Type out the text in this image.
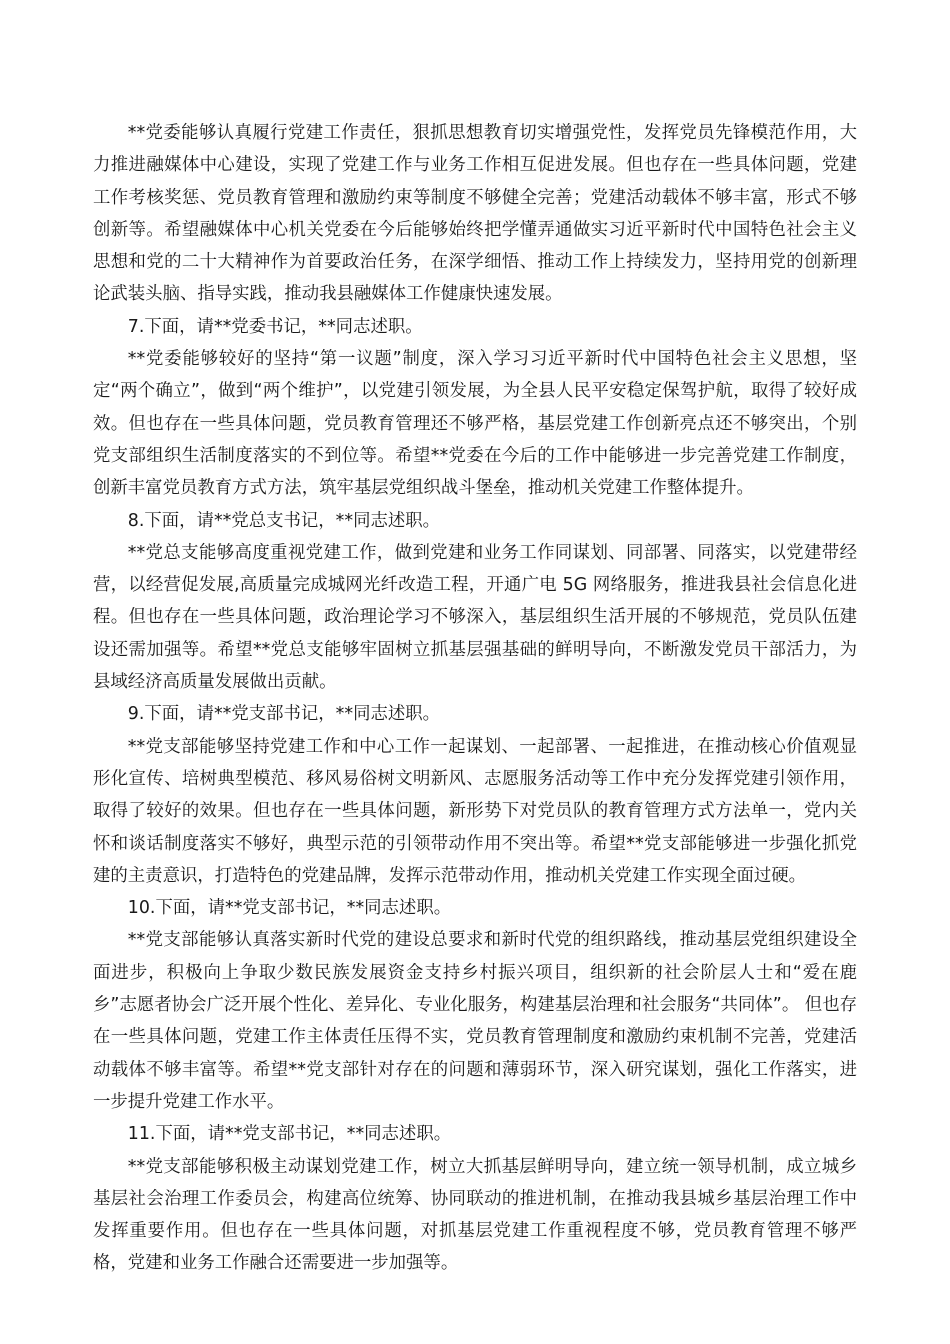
**党委能够认真履行党建工作责任，狠抓思想教育切实增强党性，发挥党员先锋模范作用，大力推进融媒体中心建设，实现了党建工作与业务工作相互促进发展。但也存在一些具体问题，党建工作考核奖惩、党员教育管理和激励约束等制度不够健全完善；党建活动载体不够丰富，形式不够创新等。希望融媒体中心机关党委在今后能够始终把学懂弄通做实习近平新时代中国特色社会主义思想和党的二十大精神作为首要政治任务，在深学细悟、推动工作上持续发力，坚持用党的创新理论武装头脑、指导实践，推动我县融媒体工作健康快速发展。

7.下面，请**党委书记，**同志述职。

**党委能够较好的坚持“第一议题”制度，深入学习习近平新时代中国特色社会主义思想，坚定“两个确立”，做到“两个维护”，以党建引领发展，为全县人民平安稳定保驾护航，取得了较好成效。但也存在一些具体问题，党员教育管理还不够严格，基层党建工作创新亮点还不够突出，个别党支部组织生活制度落实的不到位等。希望**党委在今后的工作中能够进一步完善党建工作制度，创新丰富党员教育方式方法，筑牢基层党组织战斗堡垒，推动机关党建工作整体提升。

8.下面，请**党总支书记，**同志述职。

**党总支能够高度重视党建工作，做到党建和业务工作同谋划、同部署、同落实，以党建带经营，以经营促发展,高质量完成城网光纤改造工程，开通广电 5G 网络服务，推进我县社会信息化进程。但也存在一些具体问题，政治理论学习不够深入，基层组织生活开展的不够规范，党员队伍建设还需加强等。希望**党总支能够牢固树立抓基层强基础的鲜明导向，不断激发党员干部活力，为县域经济高质量发展做出贡献。

9.下面，请**党支部书记，**同志述职。

**党支部能够坚持党建工作和中心工作一起谋划、一起部署、一起推进，在推动核心价值观显形化宣传、培树典型模范、移风易俗树文明新风、志愿服务活动等工作中充分发挥党建引领作用，取得了较好的效果。但也存在一些具体问题，新形势下对党员队的教育管理方式方法单一，党内关怀和谈话制度落实不够好，典型示范的引领带动作用不突出等。希望**党支部能够进一步强化抓党建的主责意识，打造特色的党建品牌，发挥示范带动作用，推动机关党建工作实现全面过硬。

10.下面，请**党支部书记，**同志述职。

**党支部能够认真落实新时代党的建设总要求和新时代党的组织路线，推动基层党组织建设全面进步，积极向上争取少数民族发展资金支持乡村振兴项目，组织新的社会阶层人士和“爱在鹿乡”志愿者协会广泛开展个性化、差异化、专业化服务，构建基层治理和社会服务“共同体”。 但也存在一些具体问题，党建工作主体责任压得不实，党员教育管理制度和激励约束机制不完善，党建活动载体不够丰富等。希望**党支部针对存在的问题和薄弱环节，深入研究谋划，强化工作落实，进一步提升党建工作水平。

11.下面，请**党支部书记，**同志述职。

**党支部能够积极主动谋划党建工作，树立大抓基层鲜明导向，建立统一领导机制，成立城乡基层社会治理工作委员会，构建高位统筹、协同联动的推进机制，在推动我县城乡基层治理工作中发挥重要作用。但也存在一些具体问题，对抓基层党建工作重视程度不够，党员教育管理不够严格，党建和业务工作融合还需要进一步加强等。
